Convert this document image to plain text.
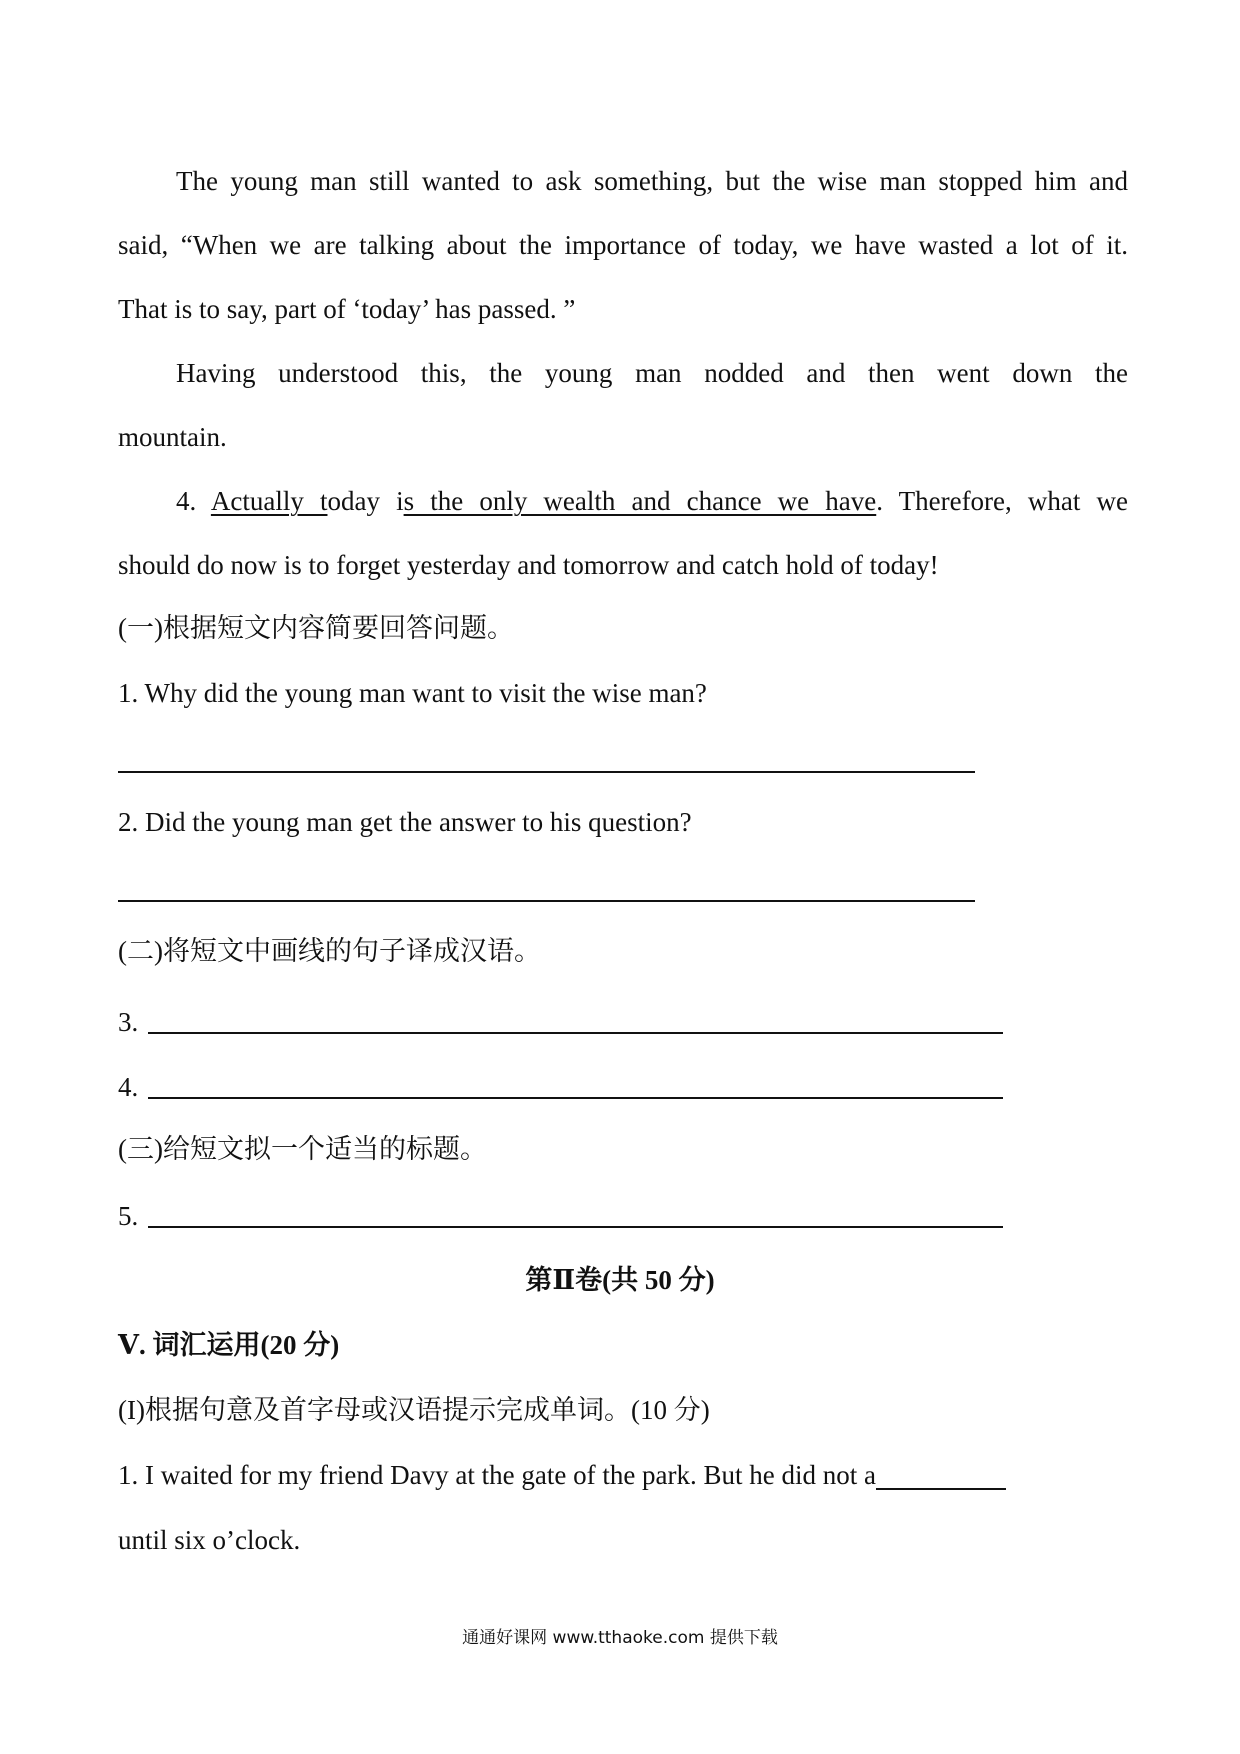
The young man still wanted to ask something, but the wise man stopped him and
said, “When we are talking about the importance of today, we have wasted a lot of it.
That is to say, part of ‘today’ has passed. ”
Having understood this, the young man nodded and then went down the
mountain.
4. Actually today is the only wealth and chance we have. Therefore, what we
should do now is to forget yesterday and tomorrow and catch hold of today!
(一)根据短文内容简要回答问题。
1. Why did the young man want to visit the wise man?
2. Did the young man get the answer to his question?
(二)将短文中画线的句子译成汉语。
3.
4.
(三)给短文拟一个适当的标题。
5.
第Ⅱ卷(共 50 分)
Ⅴ. 词汇运用(20 分)
(I)根据句意及首字母或汉语提示完成单词。(10 分)
1. I waited for my friend Davy at the gate of the park. But he did not a
until six o’clock.
通通好课网 www.tthaoke.com 提供下载
